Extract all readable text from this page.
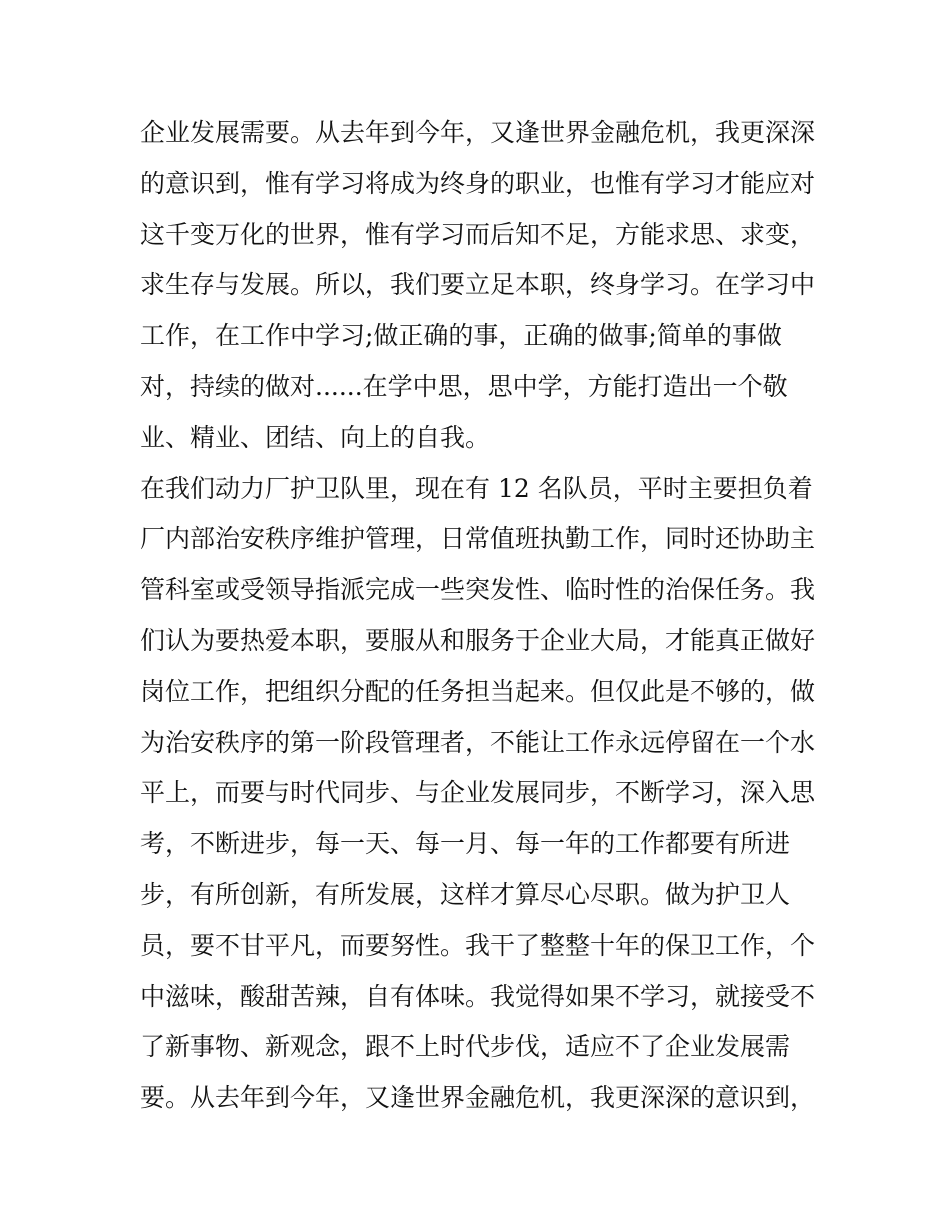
企业发展需要。从去年到今年，又逢世界金融危机，我更深深
的意识到，惟有学习将成为终身的职业，也惟有学习才能应对
这千变万化的世界，惟有学习而后知不足，方能求思、求变，
求生存与发展。所以，我们要立足本职，终身学习。在学习中
工作，在工作中学习;做正确的事，正确的做事;简单的事做
对，持续的做对......在学中思，思中学，方能打造出一个敬
业、精业、团结、向上的自我。
在我们动力厂护卫队里，现在有 12 名队员，平时主要担负着
厂内部治安秩序维护管理，日常值班执勤工作，同时还协助主
管科室或受领导指派完成一些突发性、临时性的治保任务。我
们认为要热爱本职，要服从和服务于企业大局，才能真正做好
岗位工作，把组织分配的任务担当起来。但仅此是不够的，做
为治安秩序的第一阶段管理者，不能让工作永远停留在一个水
平上，而要与时代同步、与企业发展同步，不断学习，深入思
考，不断进步，每一天、每一月、每一年的工作都要有所进
步，有所创新，有所发展，这样才算尽心尽职。做为护卫人
员，要不甘平凡，而要努性。我干了整整十年的保卫工作，个
中滋味，酸甜苦辣，自有体味。我觉得如果不学习，就接受不
了新事物、新观念，跟不上时代步伐，适应不了企业发展需
要。从去年到今年，又逢世界金融危机，我更深深的意识到，
